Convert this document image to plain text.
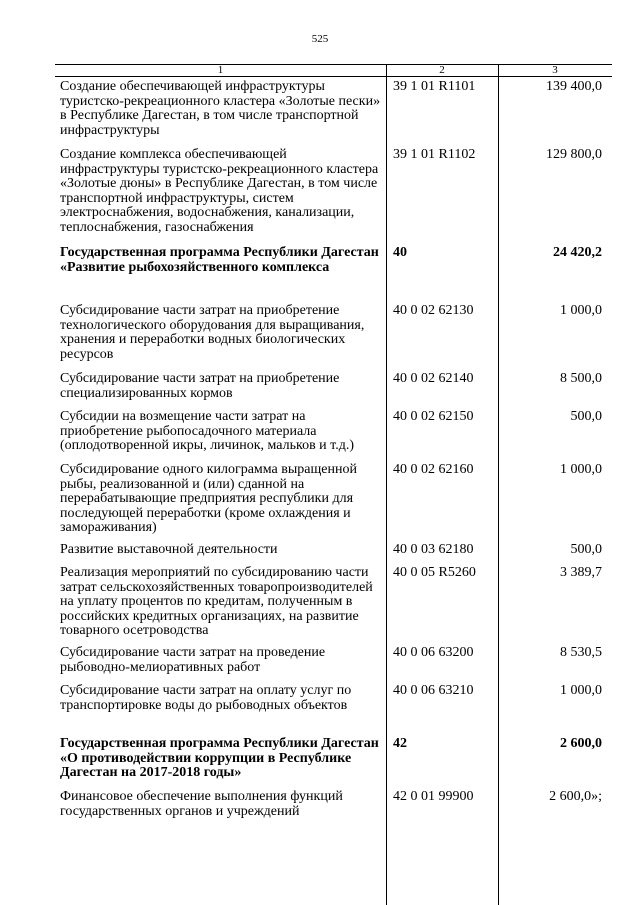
525
1	2	3
Создание обеспечивающей инфраструктуры туристско-рекреационного кластера «Золотые пески» в Республике Дагестан, в том числе транспортной инфраструктуры
39 1 01 R1101	139 400,0
Создание комплекса обеспечивающей инфраструктуры туристско-рекреационного кластера «Золотые дюны» в Республике Дагестан, в том числе транспортной инфраструктуры, систем электроснабжения, водоснабжения, канализации, теплоснабжения, газоснабжения
39 1 01 R1102	129 800,0
Государственная программа Республики Дагестан «Развитие рыбохозяйственного комплекса
40	24 420,2
Субсидирование части затрат на приобретение технологического оборудования для выращивания, хранения и переработки водных биологических ресурсов
40 0 02 62130	1 000,0
Субсидирование части затрат на приобретение специализированных кормов
40 0 02 62140	8 500,0
Субсидии на возмещение части затрат на приобретение рыбопосадочного материала (оплодотворенной икры, личинок, мальков и т.д.)
40 0 02 62150	500,0
Субсидирование одного килограмма выращенной рыбы, реализованной и (или) сданной на перерабатывающие предприятия республики для последующей переработки (кроме охлаждения и замораживания)
40 0 02 62160	1 000,0
Развитие выставочной деятельности	40 0 03 62180	500,0
Реализация мероприятий по субсидированию части затрат сельскохозяйственных товаропроизводителей на уплату процентов по кредитам, полученным в российских кредитных организациях, на развитие товарного осетроводства
40 0 05 R5260	3 389,7
Субсидирование части затрат на проведение рыбоводно-мелиоративных работ
40 0 06 63200	8 530,5
Субсидирование части затрат на оплату услуг по транспортировке воды до рыбоводных объектов
40 0 06 63210	1 000,0
Государственная программа Республики Дагестан «О противодействии коррупции в Республике Дагестан на 2017-2018 годы»
42	2 600,0
Финансовое обеспечение выполнения функций государственных органов и учреждений
42 0 01 99900	2 600,0»;
